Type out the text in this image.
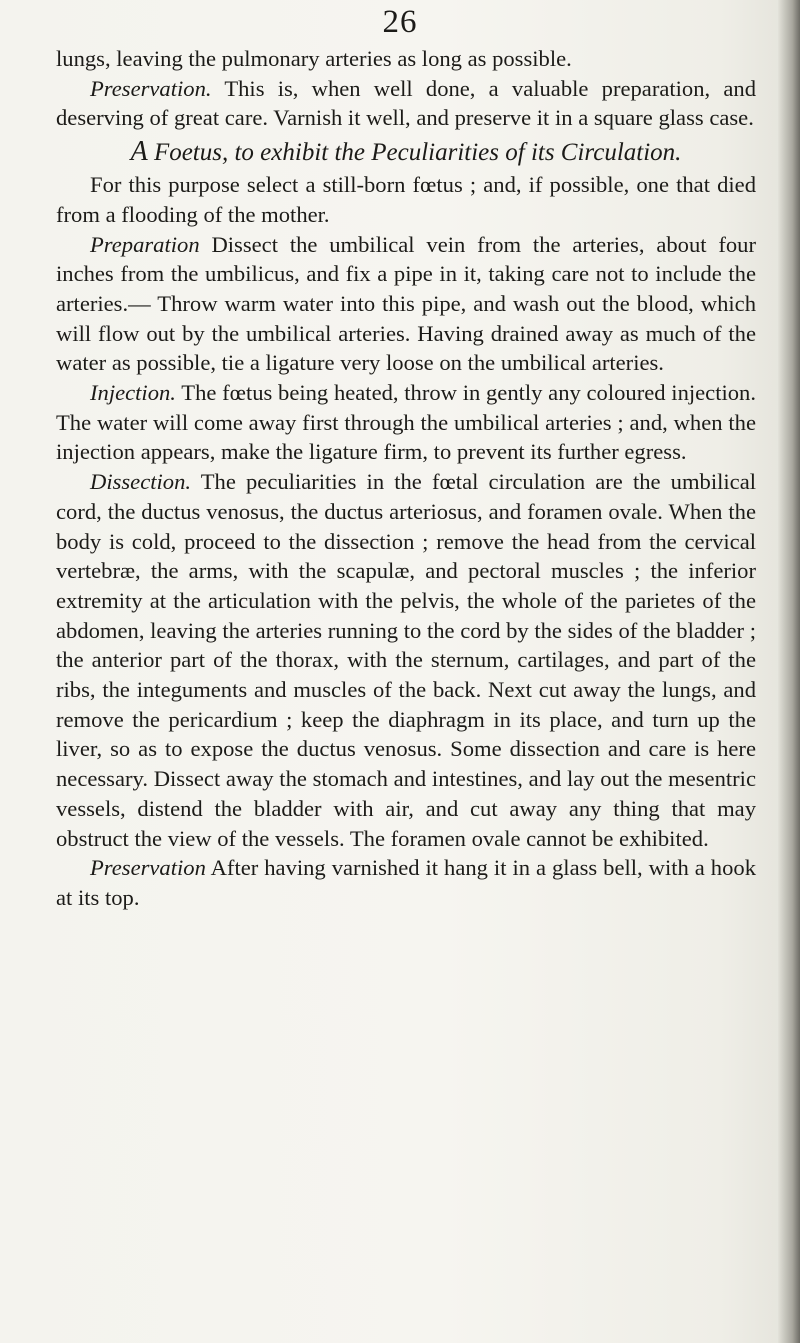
26

lungs, leaving the pulmonary arteries as long as possible.

Preservation. This is, when well done, a valuable preparation, and deserving of great care. Varnish it well, and preserve it in a square glass case.

A Foetus, to exhibit the Peculiarities of its Circulation.

For this purpose select a still-born fœtus ; and, if possible, one that died from a flooding of the mother.

Preparation Dissect the umbilical vein from the arteries, about four inches from the umbilicus, and fix a pipe in it, taking care not to include the arteries.— Throw warm water into this pipe, and wash out the blood, which will flow out by the umbilical arteries. Having drained away as much of the water as possible, tie a ligature very loose on the umbilical arteries.

Injection. The fœtus being heated, throw in gently any coloured injection. The water will come away first through the umbilical arteries ; and, when the injection appears, make the ligature firm, to prevent its further egress.

Dissection. The peculiarities in the fœtal circulation are the umbilical cord, the ductus venosus, the ductus arteriosus, and foramen ovale. When the body is cold, proceed to the dissection ; remove the head from the cervical vertebræ, the arms, with the scapulæ, and pectoral muscles ; the inferior extremity at the articulation with the pelvis, the whole of the parietes of the abdomen, leaving the arteries running to the cord by the sides of the bladder ; the anterior part of the thorax, with the sternum, cartilages, and part of the ribs, the integuments and muscles of the back. Next cut away the lungs, and remove the pericardium ; keep the diaphragm in its place, and turn up the liver, so as to expose the ductus venosus. Some dissection and care is here necessary. Dissect away the stomach and intestines, and lay out the mesentric vessels, distend the bladder with air, and cut away any thing that may obstruct the view of the vessels. The foramen ovale cannot be exhibited.

Preservation After having varnished it hang it in a glass bell, with a hook at its top.
